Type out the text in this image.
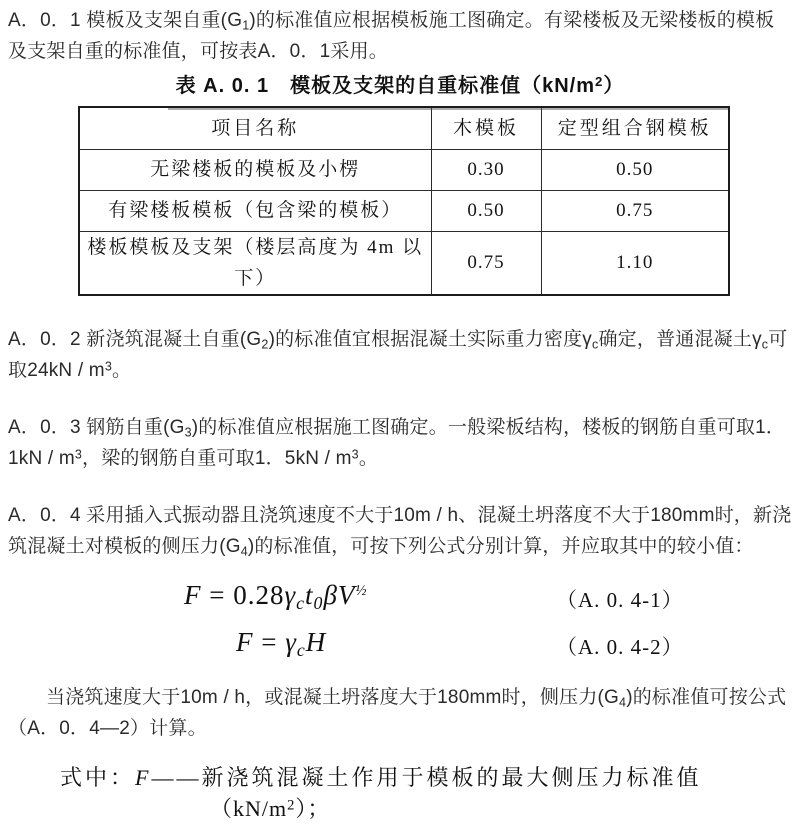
A．0．1 模板及支架自重$(G_1)$的标准值应根据模板施工图确定。有梁楼板及无梁楼板的模板及支架自重的标准值，可按表A．0．1采用。

表 A. 0. 1　模板及支架的自重标准值$(kN/m^2)$
项目名称	木模板	定型组合钢模板
无梁楼板的模板及小楞	0.30	0.50
有梁楼板模板（包含梁的模板）	0.50	0.75
楼板模板及支架（楼层高度为 4m 以下）	0.75	1.10

A．0．2 新浇筑混凝土自重$(G_2)$的标准值宜根据混凝土实际重力密度$\gamma_c$确定，普通混凝土$\gamma_c$可取$24kN / m^3$。

A．0．3 钢筋自重$(G_3)$的标准值应根据施工图确定。一般梁板结构，楼板的钢筋自重可取1．$1kN / m^3$，梁的钢筋自重可取1．$5kN / m^3$。

A．0．4 采用插入式振动器且浇筑速度不大于10m / h、混凝土坍落度不大于180mm时，新浇筑混凝土对模板的侧压力$(G_4)$的标准值，可按下列公式分别计算，并应取其中的较小值：

$F = 0.28\gamma_ct_0\beta V^{\frac{1}{2}}$	（A. 0. 4-1）
$F = \gamma_cH$	（A. 0. 4-2）

当浇筑速度大于10m / h，或混凝土坍落度大于180mm时，侧压力$(G_4)$的标准值可按公式（A．0．4—2）计算。

式中：F——新浇筑混凝土作用于模板的最大侧压力标准值
$(kN/m^2)$；
